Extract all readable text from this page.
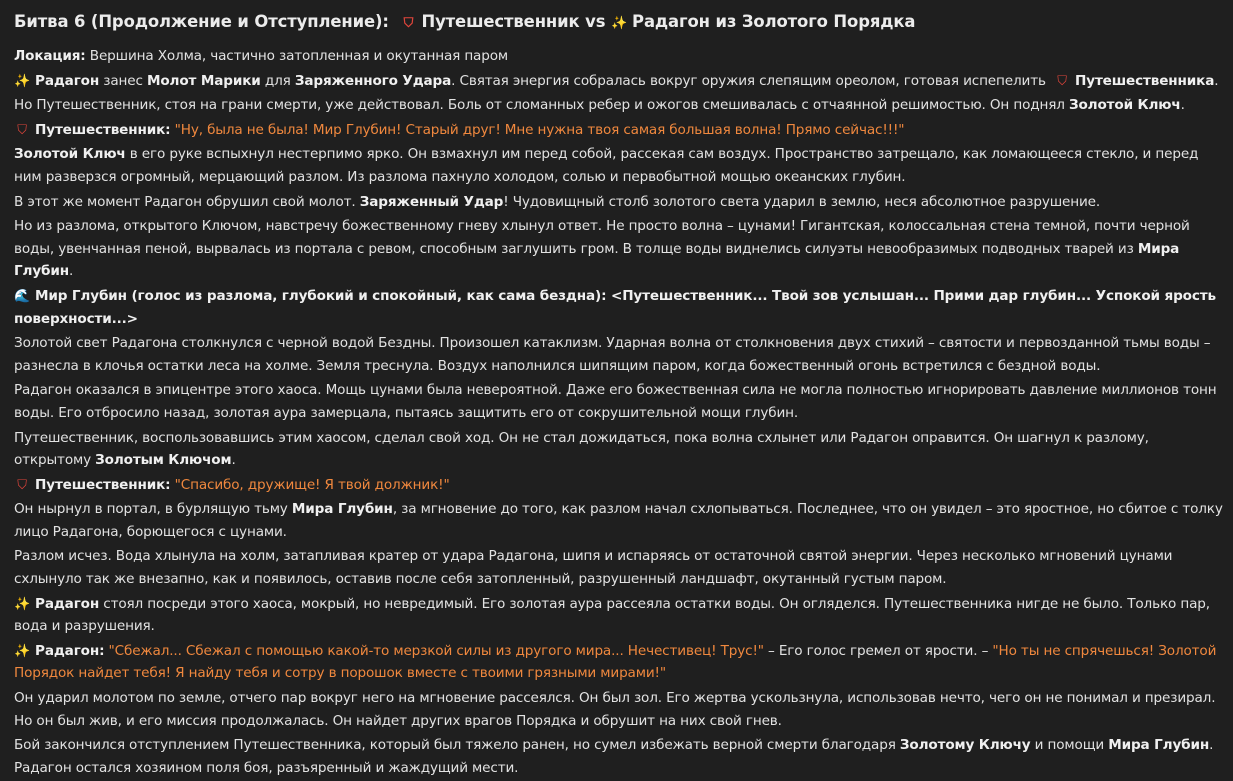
Битва 6 (Продолжение и Отступление): ⛉ Путешественник vs ✨ Радагон из Золотого Порядка

Локация: Вершина Холма, частично затопленная и окутанная паром

✨ Радагон занес Молот Марики для Заряженного Удара. Святая энергия собралась вокруг оружия слепящим ореолом, готовая испепелить ⛉ Путешественника.

Но Путешественник, стоя на грани смерти, уже действовал. Боль от сломанных ребер и ожогов смешивалась с отчаянной решимостью. Он поднял Золотой Ключ.

⛉ Путешественник: "Ну, была не была! Мир Глубин! Старый друг! Мне нужна твоя самая большая волна! Прямо сейчас!!!"

Золотой Ключ в его руке вспыхнул нестерпимо ярко. Он взмахнул им перед собой, рассекая сам воздух. Пространство затрещало, как ломающееся стекло, и перед ним разверзся огромный, мерцающий разлом. Из разлома пахнуло холодом, солью и первобытной мощью океанских глубин.

В этот же момент Радагон обрушил свой молот. Заряженный Удар! Чудовищный столб золотого света ударил в землю, неся абсолютное разрушение.

Но из разлома, открытого Ключом, навстречу божественному гневу хлынул ответ. Не просто волна – цунами! Гигантская, колоссальная стена темной, почти черной воды, увенчанная пеной, вырвалась из портала с ревом, способным заглушить гром. В толще воды виднелись силуэты невообразимых подводных тварей из Мира Глубин.

🌊 Мир Глубин (голос из разлома, глубокий и спокойный, как сама бездна): <Путешественник... Твой зов услышан... Прими дар глубин... Успокой ярость поверхности...>

Золотой свет Радагона столкнулся с черной водой Бездны. Произошел катаклизм. Ударная волна от столкновения двух стихий – святости и первозданной тьмы воды – разнесла в клочья остатки леса на холме. Земля треснула. Воздух наполнился шипящим паром, когда божественный огонь встретился с бездной воды.

Радагон оказался в эпицентре этого хаоса. Мощь цунами была невероятной. Даже его божественная сила не могла полностью игнорировать давление миллионов тонн воды. Его отбросило назад, золотая аура замерцала, пытаясь защитить его от сокрушительной мощи глубин.

Путешественник, воспользовавшись этим хаосом, сделал свой ход. Он не стал дожидаться, пока волна схлынет или Радагон оправится. Он шагнул к разлому, открытому Золотым Ключом.

⛉ Путешественник: "Спасибо, дружище! Я твой должник!"

Он нырнул в портал, в бурлящую тьму Мира Глубин, за мгновение до того, как разлом начал схлопываться. Последнее, что он увидел – это яростное, но сбитое с толку лицо Радагона, борющегося с цунами.

Разлом исчез. Вода хлынула на холм, затапливая кратер от удара Радагона, шипя и испаряясь от остаточной святой энергии. Через несколько мгновений цунами схлынуло так же внезапно, как и появилось, оставив после себя затопленный, разрушенный ландшафт, окутанный густым паром.

✨ Радагон стоял посреди этого хаоса, мокрый, но невредимый. Его золотая аура рассеяла остатки воды. Он огляделся. Путешественника нигде не было. Только пар, вода и разрушения.

✨ Радагон: "Сбежал... Сбежал с помощью какой-то мерзкой силы из другого мира... Нечестивец! Трус!" – Его голос гремел от ярости. – "Но ты не спрячешься! Золотой Порядок найдет тебя! Я найду тебя и сотру в порошок вместе с твоими грязными мирами!"

Он ударил молотом по земле, отчего пар вокруг него на мгновение рассеялся. Он был зол. Его жертва ускользнула, использовав нечто, чего он не понимал и презирал. Но он был жив, и его миссия продолжалась. Он найдет других врагов Порядка и обрушит на них свой гнев.

Бой закончился отступлением Путешественника, который был тяжело ранен, но сумел избежать верной смерти благодаря Золотому Ключу и помощи Мира Глубин. Радагон остался хозяином поля боя, разъяренный и жаждущий мести.
